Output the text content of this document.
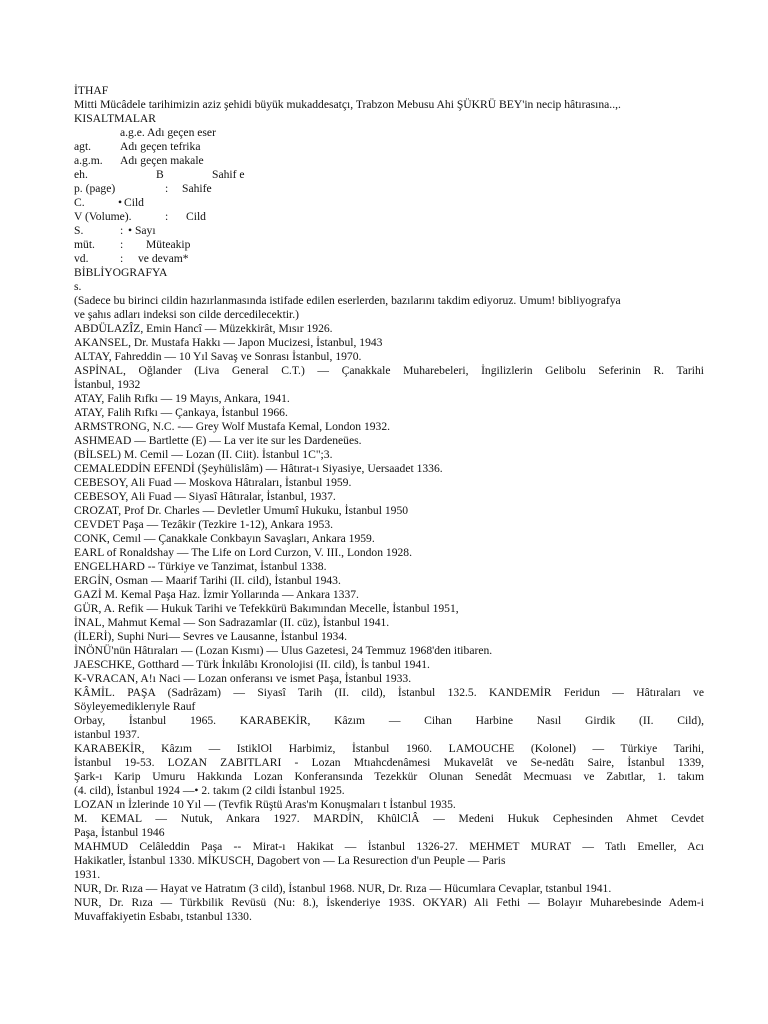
İTHAF
Mitti Mücâdele tarihimizin aziz şehidi büyük mukaddesatçı, Trabzon Mebusu Ahi ŞÜKRÜ BEY'in necip hâtırasına..,.
KISALTMALAR
a.g.e. Adı geçen eser
agt. Adı geçen tefrika
a.g.m. Adı geçen makale
eh.	B	Sahif e
p. (page)	: Sahife
C.	• Cild
V (Volume).	: Cild
S.	: • Sayı
müt. : Müteakip
vd.	: ve devam*
BİBLİYOGRAFYA
s.
(Sadece bu birinci cildin hazırlanmasında istifade edilen eserlerden, bazılarını takdim ediyoruz. Umum! bibliyografya
ve şahıs adları indeksi son cilde dercedilecektir.)
ABDÜLAZÎZ, Emin Hancî — Müzekkirât, Mısır 1926.
AKANSEL, Dr. Mustafa Hakkı — Japon Mucizesi, İstanbul, 1943
ALTAY, Fahreddin — 10 Yıl Savaş ve Sonrası İstanbul, 1970.
ASPİNAL, Oğlander (Liva General C.T.) — Çanakkale Muharebeleri, İngilizlerin Gelibolu Seferinin R. Tarihi
İstanbul, 1932
ATAY, Falih Rıfkı — 19 Mayıs, Ankara, 1941.
ATAY, Falih Rıfkı — Çankaya, İstanbul 1966.
ARMSTRONG, N.C. -— Grey Wolf Mustafa Kemal, London 1932.
ASHMEAD — Bartlette (E) — La ver ite sur les Dardeneües.
(BİLSEL) M. Cemil — Lozan (II. Ciit). İstanbul 1C";3.
CEMALEDDİN EFENDİ (Şeyhülislâm) — Hâtırat-ı Siyasiye, Uersaadet 1336.
CEBESOY, Ali Fuad — Moskova Hâtıraları, İstanbul 1959.
CEBESOY, Ali Fuad — Siyasî Hâtıralar, İstanbul, 1937.
CROZAT, Prof Dr. Charles — Devletler Umumî Hukuku, İstanbul 1950
CEVDET Paşa — Tezâkir (Tezkire 1-12), Ankara 1953.
CONK, Cemıl — Çanakkale Conkbayın Savaşları, Ankara 1959.
EARL of Ronaldshay — The Life on Lord Curzon, V. III., London 1928.
ENGELHARD -- Türkiye ve Tanzimat, İstanbul 1338.
ERGİN, Osman — Maarif Tarihi (II. cild), İstanbul 1943.
GAZİ M. Kemal Paşa Haz. İzmir Yollarında — Ankara 1337.
GÜR, A. Refik — Hukuk Tarihi ve Tefekkürü Bakımından Mecelle, İstanbul 1951,
İNAL, Mahmut Kemal — Son Sadrazamlar (II. cüz), İstanbul 1941.
(İLERİ), Suphi Nuri— Sevres ve Lausanne, İstanbul 1934.
İNÖNÜ'nün Hâtıraları — (Lozan Kısmı) — Ulus Gazetesi, 24 Temmuz 1968'den itibaren.
JAESCHKE, Gotthard — Türk İnkılâbı Kronolojisi (II. cild), İs tanbul 1941.
K-VRACAN, A!ı Naci — Lozan onferansı ve ismet Paşa, İstanbul 1933.
KÂMİL. PAŞA (Sadrâzam) — Siyasî Tarih (II. cild), İstanbul 132.5. KANDEMİR Feridun — Hâtıraları ve
Söyleyemediklerıyle Rauf
Orbay, İstanbul 1965. KARABEKİR, Kâzım — Cihan Harbine Nasıl Girdik (II. Cild),
istanbul 1937.
KARABEKİR, Kâzım — IstiklOl Harbimiz, İstanbul 1960. LAMOUCHE (Kolonel) — Türkiye Tarihi,
İstanbul 19-53. LOZAN ZABITLARI - Lozan Mtıahcdenâmesi Mukavelât ve Se-nedâtı Saire, İstanbul 1339,
Şark-ı Karip Umuru Hakkında Lozan Konferansında Tezekkür Olunan Senedât Mecmuası ve Zabıtlar, 1. takım
(4. cild), İstanbul 1924 —• 2. takım (2 cildi İstanbul 1925.
LOZAN ın İzlerinde 10 Yıl — (Tevfik Rüştü Aras'm Konuşmaları t İstanbul 1935.
M. KEMAL — Nutuk, Ankara 1927. MARDİN, KhûlClÂ — Medeni Hukuk Cephesinden Ahmet Cevdet
Paşa, İstanbul 1946
MAHMUD Celâleddin Paşa -- Mirat-ı Hakikat — İstanbul 1326-27. MEHMET MURAT — Tatlı Emeller, Acı
Hakikatler, İstanbul 1330. MİKUSCH, Dagobert von — La Resurection d'un Peuple — Paris
1931.
NUR, Dr. Rıza — Hayat ve Hatratım (3 cild), İstanbul 1968. NUR, Dr. Rıza — Hücumlara Cevaplar, tstanbul 1941.
NUR, Dr. Rıza — Türkbilik Revüsü (Nu: 8.), İskenderiye 193S. OKYAR) Ali Fethi — Bolayır Muharebesinde Adem-i
Muvaffakiyetin Esbabı, tstanbul 1330.
